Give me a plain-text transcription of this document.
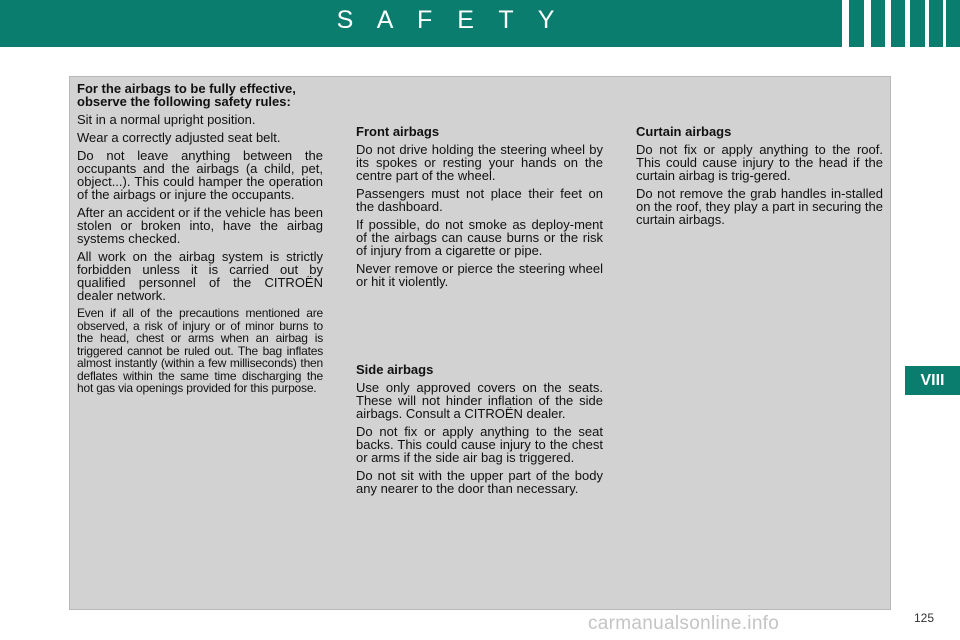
S A F E T Y
For the airbags to be fully effective, observe the following safety rules:

Sit in a normal upright position.

Wear a correctly adjusted seat belt.

Do not leave anything between the occupants and the airbags (a child, pet, object...). This could hamper the operation of the airbags or injure the occupants.

After an accident or if the vehicle has been stolen or broken into, have the airbag systems checked.

All work on the airbag system is strictly forbidden unless it is carried out by qualified personnel of the CITROËN dealer network.

Even if all of the precautions mentioned are observed, a risk of injury or of minor burns to the head, chest or arms when an airbag is triggered cannot be ruled out. The bag inflates almost instantly (within a few milliseconds) then deflates within the same time discharging the hot gas via openings provided for this purpose.

Front airbags

Do not drive holding the steering wheel by its spokes or resting your hands on the centre part of the wheel.

Passengers must not place their feet on the dashboard.

If possible, do not smoke as deploy-ment of the airbags can cause burns or the risk of injury from a cigarette or pipe.

Never remove or pierce the steering wheel or hit it violently.

Side airbags

Use only approved covers on the seats. These will not hinder inflation of the side airbags. Consult a CITROËN dealer.

Do not fix or apply anything to the seat backs. This could cause injury to the chest or arms if the side air bag is triggered.

Do not sit with the upper part of the body any nearer to the door than necessary.

Curtain airbags

Do not fix or apply anything to the roof. This could cause injury to the head if the curtain airbag is trig-gered.

Do not remove the grab handles in-stalled on the roof, they play a part in securing the curtain airbags.

VIII
carmanualsonline.info	125
